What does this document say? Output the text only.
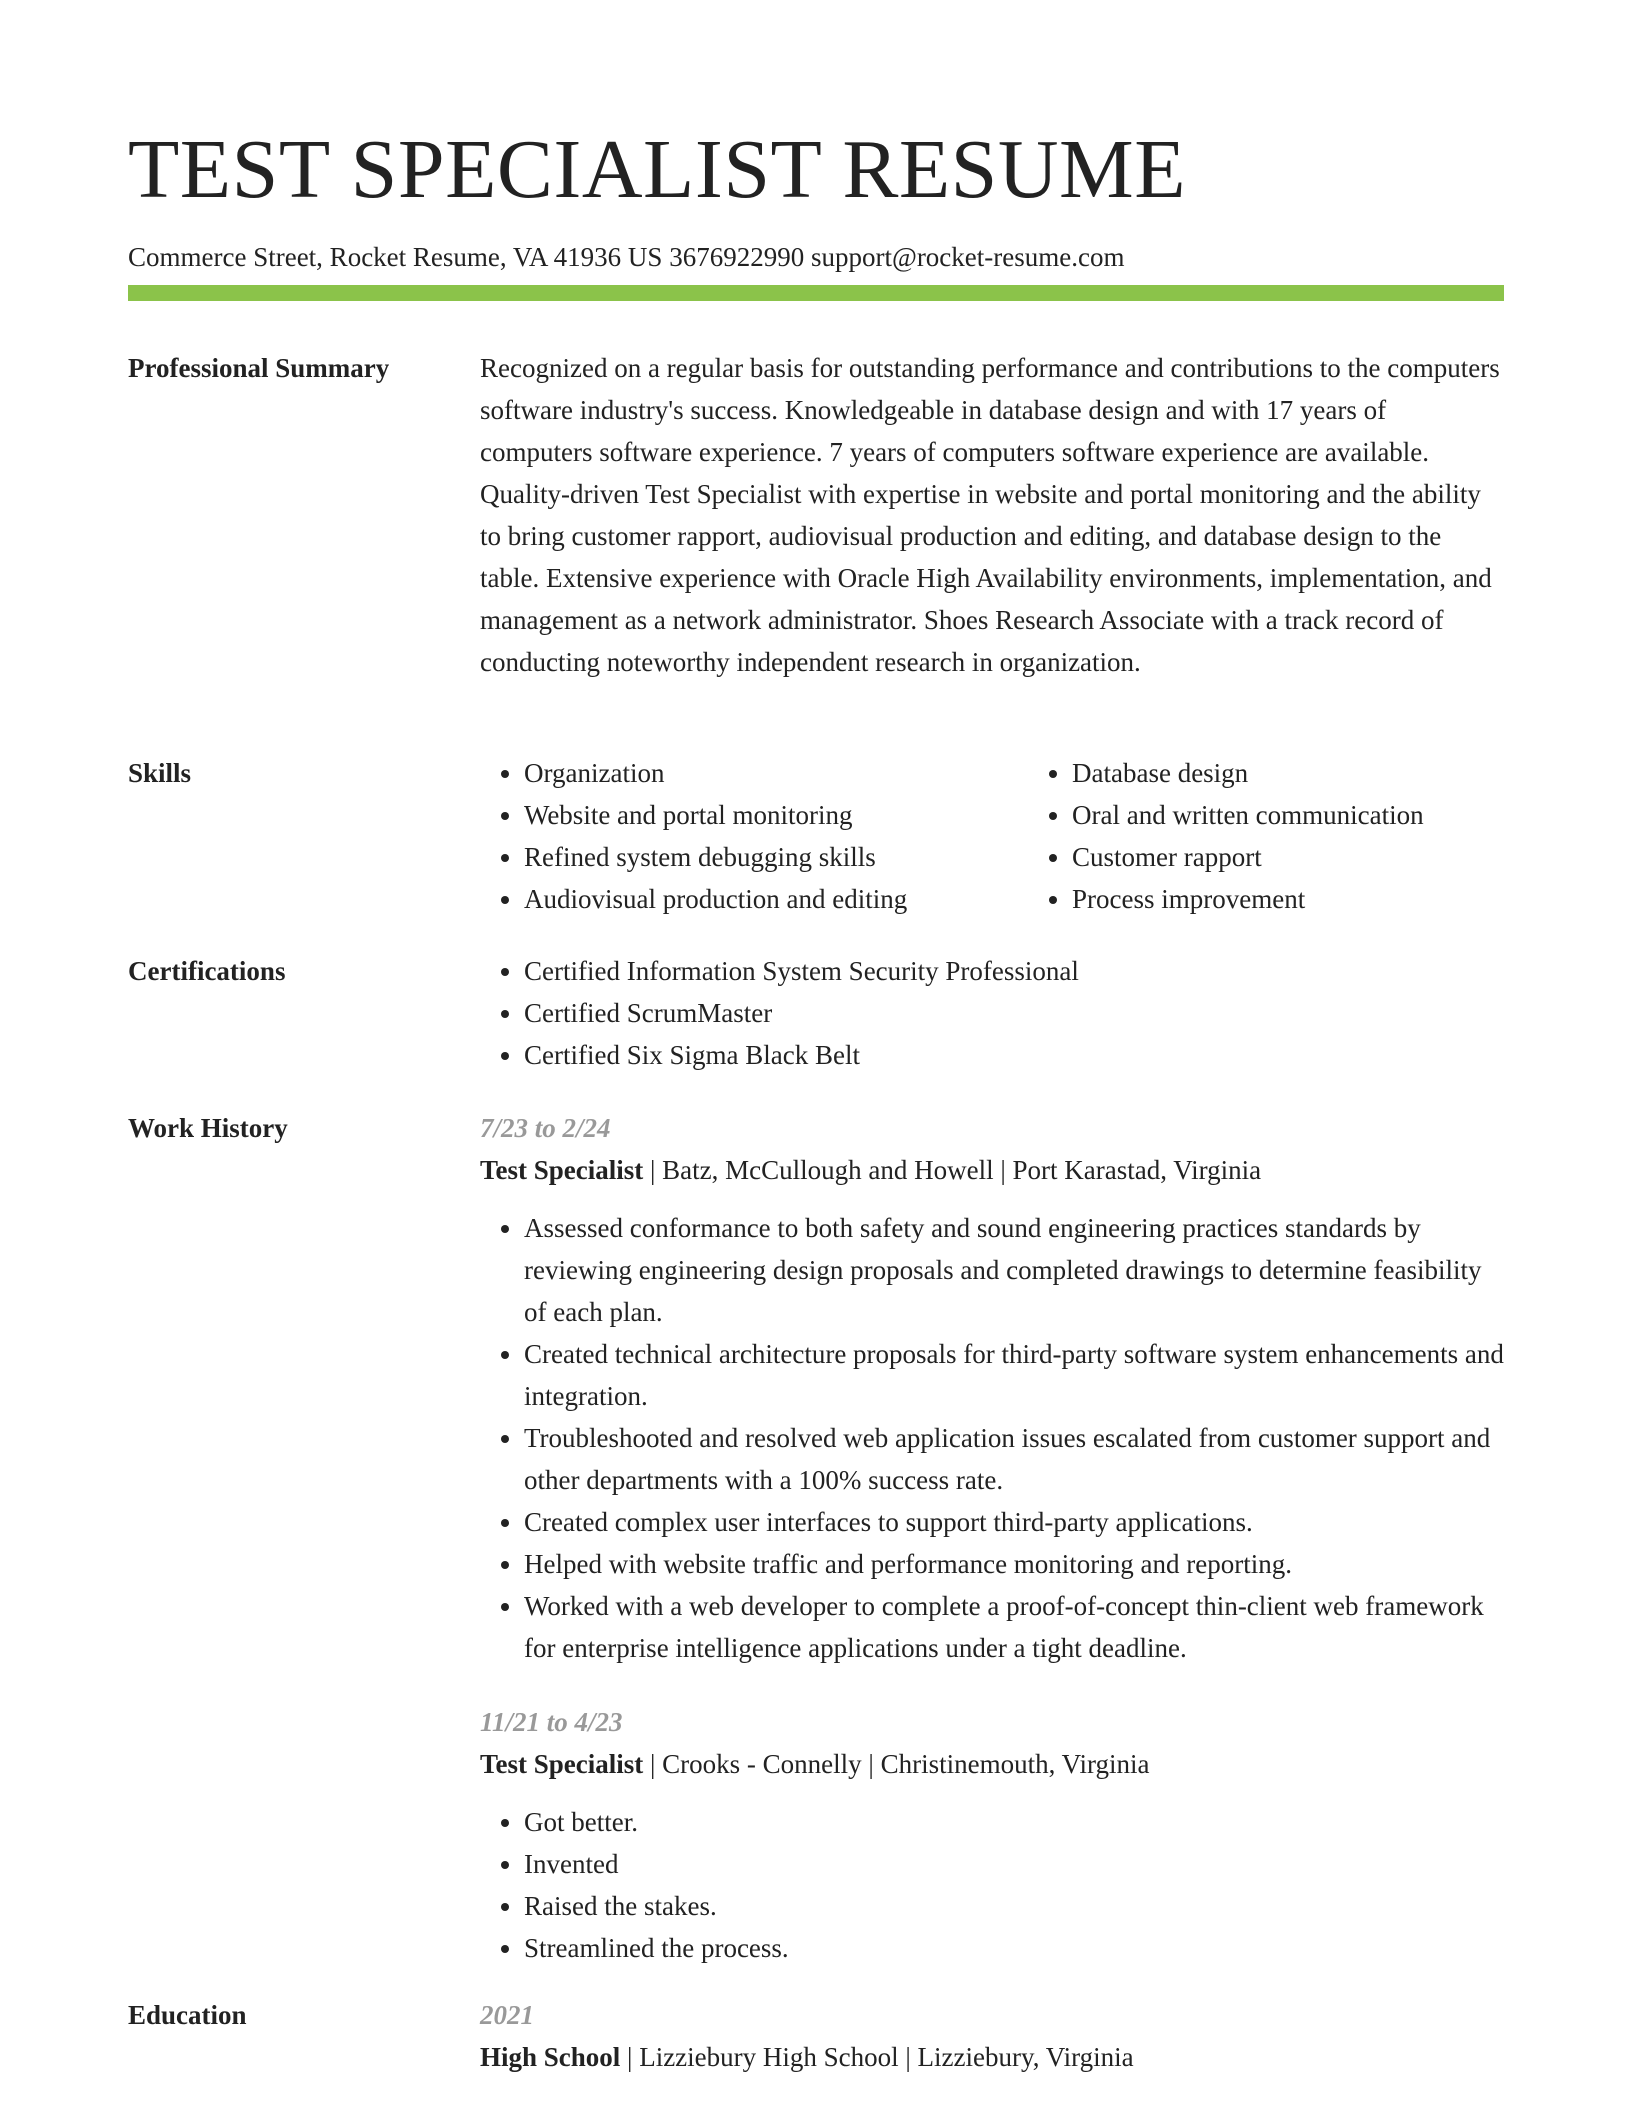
TEST SPECIALIST RESUME
Commerce Street, Rocket Resume, VA 41936 US 3676922990 support@rocket-resume.com
Professional Summary	Recognized on a regular basis for outstanding performance and contributions to the computers software industry's success. Knowledgeable in database design and with 17 years of computers software experience. 7 years of computers software experience are available. Quality-driven Test Specialist with expertise in website and portal monitoring and the ability to bring customer rapport, audiovisual production and editing, and database design to the table. Extensive experience with Oracle High Availability environments, implementation, and management as a network administrator. Shoes Research Associate with a track record of conducting noteworthy independent research in organization.

Skills	• Organization
• Website and portal monitoring
• Refined system debugging skills
• Audiovisual production and editing
• Database design
• Oral and written communication
• Customer rapport
• Process improvement
Certifications	• Certified Information System Security Professional
• Certified ScrumMaster
• Certified Six Sigma Black Belt
Work History	7/23 to 2/24
Test Specialist | Batz, McCullough and Howell | Port Karastad, Virginia
• Assessed conformance to both safety and sound engineering practices standards by reviewing engineering design proposals and completed drawings to determine feasibility of each plan.
• Created technical architecture proposals for third-party software system enhancements and integration.
• Troubleshooted and resolved web application issues escalated from customer support and other departments with a 100% success rate.
• Created complex user interfaces to support third-party applications.
• Helped with website traffic and performance monitoring and reporting.
• Worked with a web developer to complete a proof-of-concept thin-client web framework for enterprise intelligence applications under a tight deadline.
11/21 to 4/23
Test Specialist | Crooks - Connelly | Christinemouth, Virginia
• Got better.
• Invented
• Raised the stakes.
• Streamlined the process.
Education	2021
High School | Lizziebury High School | Lizziebury, Virginia
